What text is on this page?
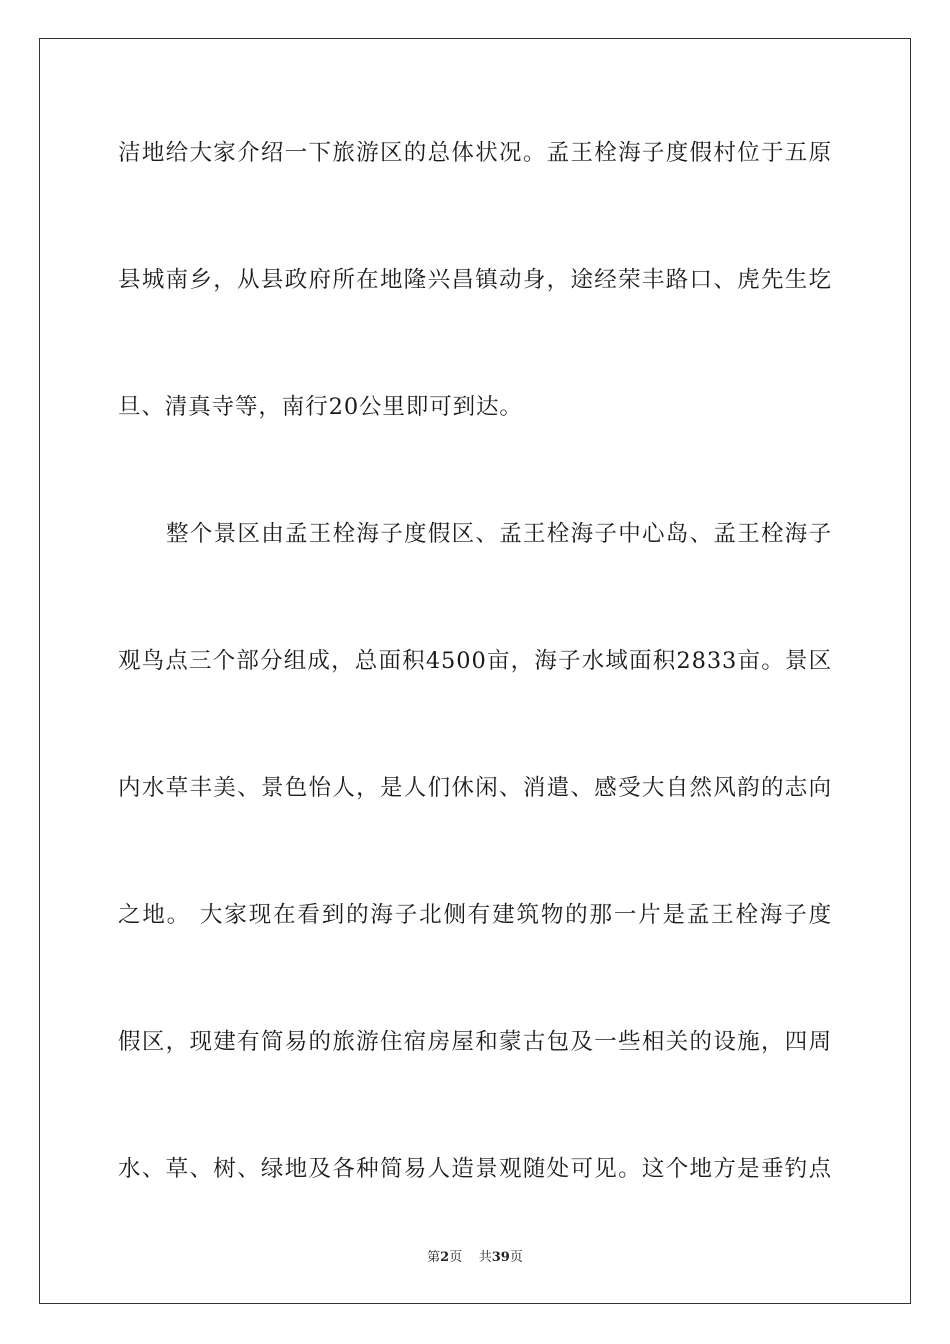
洁地给大家介绍一下旅游区的总体状况。孟王栓海子度假村位于五原
县城南乡，从县政府所在地隆兴昌镇动身，途经荣丰路口、虎先生圪
旦、清真寺等，南行20公里即可到达。
整个景区由孟王栓海子度假区、孟王栓海子中心岛、孟王栓海子
观鸟点三个部分组成，总面积4500亩，海子水域面积2833亩。景区
内水草丰美、景色怡人，是人们休闲、消遣、感受大自然风韵的志向
之地。 大家现在看到的海子北侧有建筑物的那一片是孟王栓海子度
假区，现建有简易的旅游住宿房屋和蒙古包及一些相关的设施，四周
水、草、树、绿地及各种简易人造景观随处可见。这个地方是垂钓点
第2页 共39页
